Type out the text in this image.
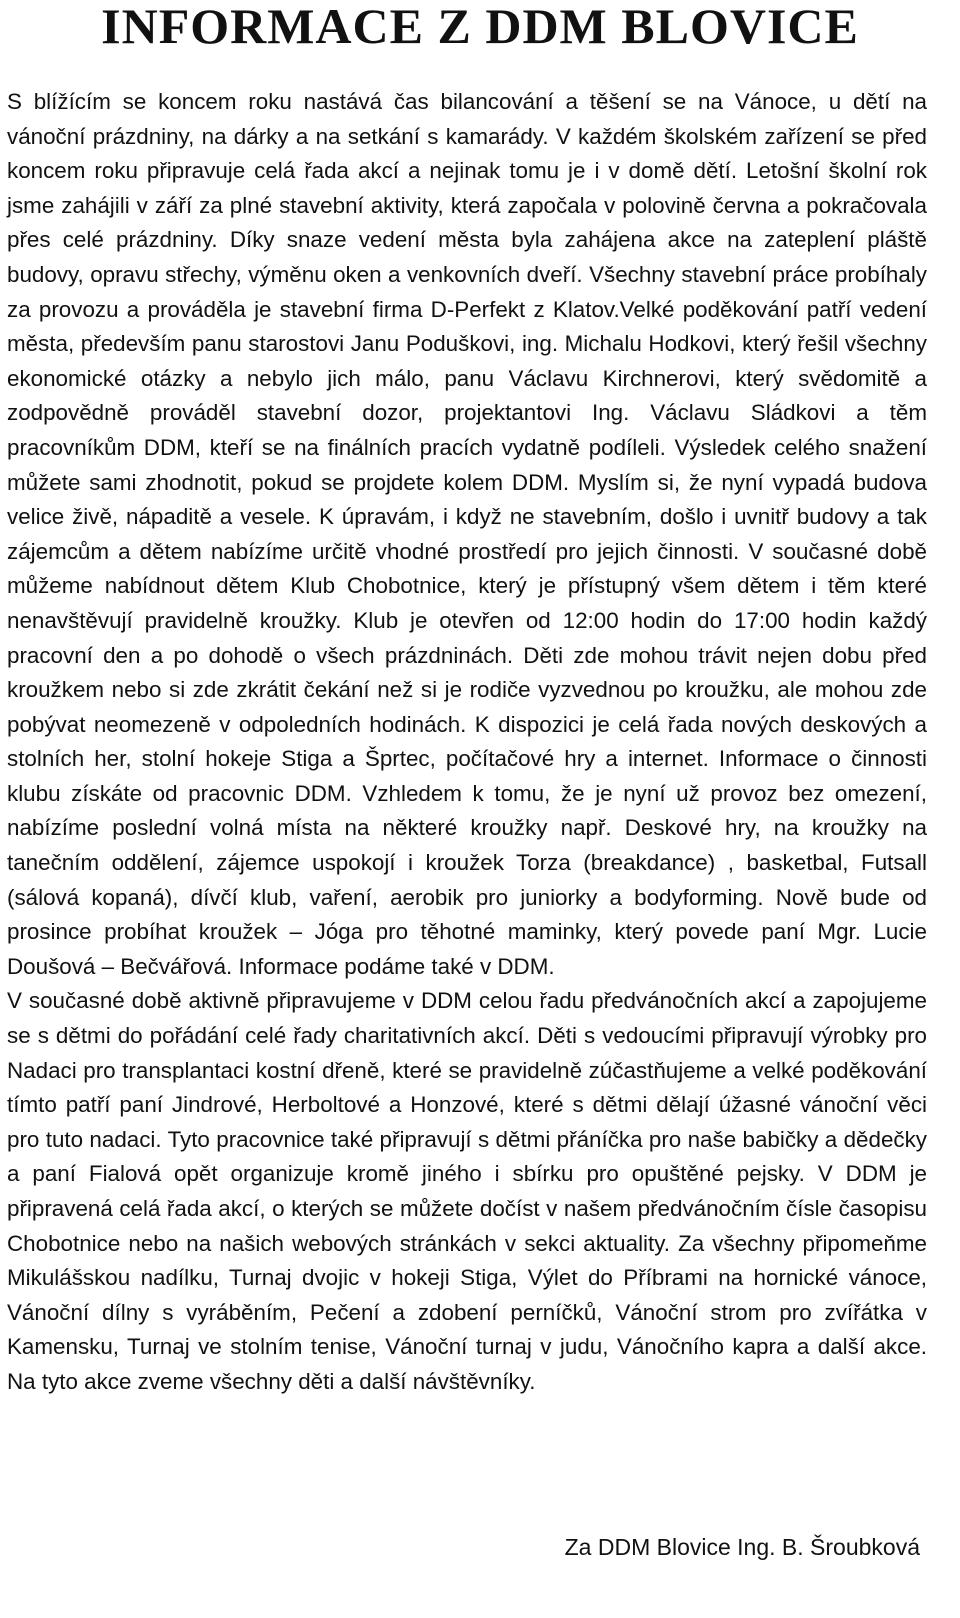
INFORMACE Z DDM BLOVICE

S blížícím se koncem roku nastává čas bilancování a těšení se na Vánoce, u dětí na vánoční prázdniny, na dárky a na setkání s kamarády. V každém školském zařízení se před koncem roku připravuje celá řada akcí a nejinak tomu je i v domě dětí. Letošní školní rok jsme zahájili v září za plné stavební aktivity, která započala v polovině června a pokračovala přes celé prázdniny. Díky snaze vedení města byla zahájena akce na zateplení pláště budovy, opravu střechy, výměnu oken a venkovních dveří. Všechny stavební práce probíhaly za provozu a prováděla je stavební firma D-Perfekt z Klatov.Velké poděkování patří vedení města, především panu starostovi Janu Poduškovi, ing. Michalu Hodkovi, který řešil všechny ekonomické otázky a nebylo jich málo, panu Václavu Kirchnerovi, který svědomitě a zodpovědně prováděl stavební dozor, projektantovi Ing. Václavu Sládkovi a těm pracovníkům DDM, kteří se na finálních pracích vydatně podíleli. Výsledek celého snažení můžete sami zhodnotit, pokud se projdete kolem DDM. Myslím si, že nyní vypadá budova velice živě, nápaditě a vesele. K úpravám, i když ne stavebním, došlo i uvnitř budovy a tak zájemcům a dětem nabízíme určitě vhodné prostředí pro jejich činnosti. V současné době můžeme nabídnout dětem Klub Chobotnice, který je přístupný všem dětem i těm které nenavštěvují pravidelně kroužky. Klub je otevřen od 12:00 hodin do 17:00 hodin každý pracovní den a po dohodě o všech prázdninách. Děti zde mohou trávit nejen dobu před kroužkem nebo si zde zkrátit čekání než si je rodiče vyzvednou po kroužku, ale mohou zde pobývat neomezeně v odpoledních hodinách. K dispozici je celá řada nových deskových a stolních her, stolní hokeje Stiga a Šprtec, počítačové hry a internet. Informace o činnosti klubu získáte od pracovnic DDM. Vzhledem k tomu, že je nyní už provoz bez omezení, nabízíme poslední volná místa na některé kroužky např. Deskové hry, na kroužky na tanečním oddělení, zájemce uspokojí i kroužek Torza (breakdance) , basketbal, Futsall (sálová kopaná), dívčí klub, vaření, aerobik pro juniorky a bodyforming. Nově bude od prosince probíhat kroužek – Jóga pro těhotné maminky, který povede paní Mgr. Lucie Doušová – Bečvářová. Informace podáme také v DDM.

V současné době aktivně připravujeme v DDM celou řadu předvánočních akcí a zapojujeme se s dětmi do pořádání celé řady charitativních akcí. Děti s vedoucími připravují výrobky pro Nadaci pro transplantaci kostní dřeně, které se pravidelně zúčastňujeme a velké poděkování tímto patří paní Jindrové, Herboltové a Honzové, které s dětmi dělají úžasné vánoční věci pro tuto nadaci. Tyto pracovnice také připravují s dětmi přáníčka pro naše babičky a dědečky a paní Fialová opět organizuje kromě jiného i sbírku pro opuštěné pejsky. V DDM je připravená celá řada akcí, o kterých se můžete dočíst v našem předvánočním čísle časopisu Chobotnice nebo na našich webových stránkách v sekci aktuality. Za všechny připomeňme Mikulášskou nadílku, Turnaj dvojic v hokeji Stiga, Výlet do Příbrami na hornické vánoce, Vánoční dílny s vyráběním, Pečení a zdobení perníčků, Vánoční strom pro zvířátka v Kamensku, Turnaj ve stolním tenise, Vánoční turnaj v judu, Vánočního kapra a další akce. Na tyto akce zveme všechny děti a další návštěvníky.

Za DDM Blovice Ing. B. Šroubková
